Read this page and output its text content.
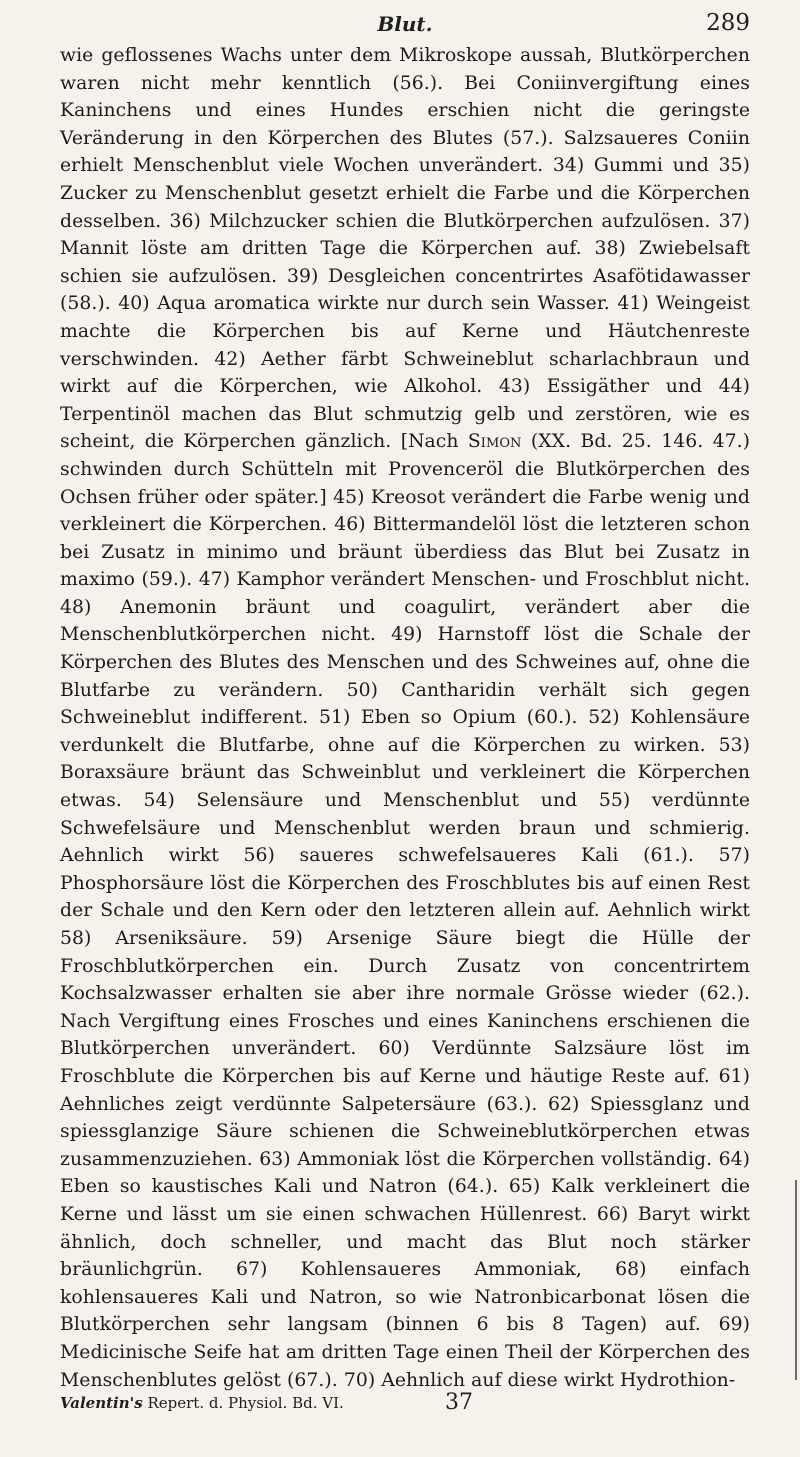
Blut.	289
wie geflossenes Wachs unter dem Mikroskope aussah, Blutkörperchen waren nicht mehr kenntlich (56.). Bei Coniinvergiftung eines Kaninchens und eines Hundes erschien nicht die geringste Veränderung in den Körperchen des Blutes (57.). Salzsaueres Coniin erhielt Menschenblut viele Wochen unverändert. 34) Gummi und 35) Zucker zu Menschenblut gesetzt erhielt die Farbe und die Körperchen desselben. 36) Milchzucker schien die Blutkörperchen aufzulösen. 37) Mannit löste am dritten Tage die Körperchen auf. 38) Zwiebelsaft schien sie aufzulösen. 39) Desgleichen concentrirtes Asafötidawasser (58.). 40) Aqua aromatica wirkte nur durch sein Wasser. 41) Weingeist machte die Körperchen bis auf Kerne und Häutchenreste verschwinden. 42) Aether färbt Schweineblut scharlachbraun und wirkt auf die Körperchen, wie Alkohol. 43) Essigäther und 44) Terpentinöl machen das Blut schmutzig gelb und zerstören, wie es scheint, die Körperchen gänzlich. [Nach Simon (XX. Bd. 25. 146. 47.) schwinden durch Schütteln mit Provenceröl die Blutkörperchen des Ochsen früher oder später.] 45) Kreosot verändert die Farbe wenig und verkleinert die Körperchen. 46) Bittermandelöl löst die letzteren schon bei Zusatz in minimo und bräunt überdiess das Blut bei Zusatz in maximo (59.). 47) Kamphor verändert Menschen- und Froschblut nicht. 48) Anemonin bräunt und coagulirt, verändert aber die Menschenblutkörperchen nicht. 49) Harnstoff löst die Schale der Körperchen des Blutes des Menschen und des Schweines auf, ohne die Blutfarbe zu verändern. 50) Cantharidin verhält sich gegen Schweineblut indifferent. 51) Eben so Opium (60.). 52) Kohlensäure verdunkelt die Blutfarbe, ohne auf die Körperchen zu wirken. 53) Boraxsäure bräunt das Schweinblut und verkleinert die Körperchen etwas. 54) Selensäure und Menschenblut und 55) verdünnte Schwefelsäure und Menschenblut werden braun und schmierig. Aehnlich wirkt 56) saueres schwefelsaueres Kali (61.). 57) Phosphorsäure löst die Körperchen des Froschblutes bis auf einen Rest der Schale und den Kern oder den letzteren allein auf. Aehnlich wirkt 58) Arseniksäure. 59) Arsenige Säure biegt die Hülle der Froschblutkörperchen ein. Durch Zusatz von concentrirtem Kochsalzwasser erhalten sie aber ihre normale Grösse wieder (62.). Nach Vergiftung eines Frosches und eines Kaninchens erschienen die Blutkörperchen unverändert. 60) Verdünnte Salzsäure löst im Froschblute die Körperchen bis auf Kerne und häutige Reste auf. 61) Aehnliches zeigt verdünnte Salpetersäure (63.). 62) Spiessglanz und spiessglanzige Säure schienen die Schweineblutkörperchen etwas zusammenzuziehen. 63) Ammoniak löst die Körperchen vollständig. 64) Eben so kaustisches Kali und Natron (64.). 65) Kalk verkleinert die Kerne und lässt um sie einen schwachen Hüllenrest. 66) Baryt wirkt ähnlich, doch schneller, und macht das Blut noch stärker bräunlichgrün. 67) Kohlensaueres Ammoniak, 68) einfach kohlensaueres Kali und Natron, so wie Natronbicarbonat lösen die Blutkörperchen sehr langsam (binnen 6 bis 8 Tagen) auf. 69) Medicinische Seife hat am dritten Tage einen Theil der Körperchen des Menschenblutes gelöst (67.). 70) Aehnlich auf diese wirkt Hydrothion-
Valentin's Repert. d. Physiol. Bd. VI.	37
